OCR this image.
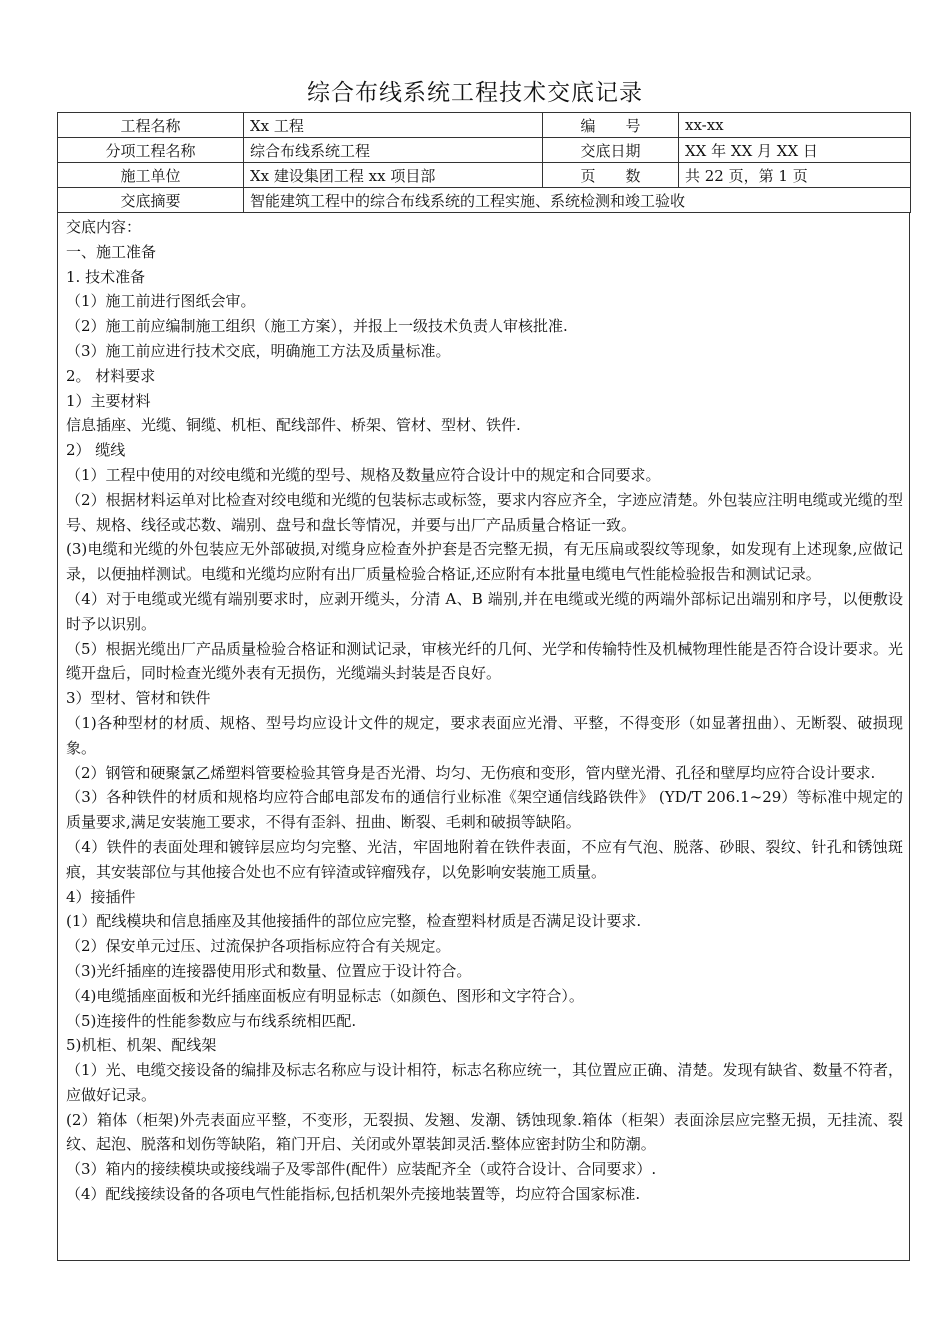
综合布线系统工程技术交底记录
工程名称	Xx 工程	编　　号	xx-xx
分项工程名称	综合布线系统工程	交底日期	XX 年 XX 月 XX 日
施工单位	Xx 建设集团工程 xx 项目部	页　　数	共 22 页，第 1 页
交底摘要	智能建筑工程中的综合布线系统的工程实施、系统检测和竣工验收		

交底内容：

一、施工准备

1. 技术准备

（1）施工前进行图纸会审。

（2）施工前应编制施工组织（施工方案），并报上一级技术负责人审核批准.

（3）施工前应进行技术交底，明确施工方法及质量标准。

2。 材料要求

1）主要材料

信息插座、光缆、铜缆、机柜、配线部件、桥架、管材、型材、铁件.

2） 缆线

（1）工程中使用的对绞电缆和光缆的型号、规格及数量应符合设计中的规定和合同要求。

（2）根据材料运单对比检查对绞电缆和光缆的包装标志或标签，要求内容应齐全，字迹应清楚。外包装应注明电缆或光缆的型号、规格、线径或芯数、端别、盘号和盘长等情况，并要与出厂产品质量合格证一致。

(3)电缆和光缆的外包装应无外部破损,对缆身应检查外护套是否完整无损，有无压扁或裂纹等现象，如发现有上述现象,应做记录，以便抽样测试。电缆和光缆均应附有出厂质量检验合格证,还应附有本批量电缆电气性能检验报告和测试记录。

（4）对于电缆或光缆有端别要求时，应剥开缆头，分清 A、B 端别,并在电缆或光缆的两端外部标记出端别和序号，以便敷设时予以识别。

（5）根据光缆出厂产品质量检验合格证和测试记录，审核光纤的几何、光学和传输特性及机械物理性能是否符合设计要求。光缆开盘后，同时检查光缆外表有无损伤，光缆端头封装是否良好。

3）型材、管材和铁件

（1)各种型材的材质、规格、型号均应设计文件的规定，要求表面应光滑、平整，不得变形（如显著扭曲）、无断裂、破损现象。

（2）钢管和硬聚氯乙烯塑料管要检验其管身是否光滑、均匀、无伤痕和变形，管内壁光滑、孔径和壁厚均应符合设计要求.

（3）各种铁件的材质和规格均应符合邮电部发布的通信行业标准《架空通信线路铁件》 (YD/T 206.1~29）等标准中规定的质量要求,满足安装施工要求，不得有歪斜、扭曲、断裂、毛刺和破损等缺陷。

（4）铁件的表面处理和镀锌层应均匀完整、光洁，牢固地附着在铁件表面，不应有气泡、脱落、砂眼、裂纹、针孔和锈蚀斑痕，其安装部位与其他接合处也不应有锌渣或锌瘤残存，以免影响安装施工质量。

4）接插件

(1）配线模块和信息插座及其他接插件的部位应完整，检查塑料材质是否满足设计要求.

（2）保安单元过压、过流保护各项指标应符合有关规定。

（3)光纤插座的连接器使用形式和数量、位置应于设计符合。

（4)电缆插座面板和光纤插座面板应有明显标志（如颜色、图形和文字符合）。

（5)连接件的性能参数应与布线系统相匹配.

5)机柜、机架、配线架

（1）光、电缆交接设备的编排及标志名称应与设计相符，标志名称应统一，其位置应正确、清楚。发现有缺省、数量不符者，应做好记录。

(2）箱体（柜架)外壳表面应平整，不变形，无裂损、发翘、发潮、锈蚀现象.箱体（柜架）表面涂层应完整无损，无挂流、裂纹、起泡、脱落和划伤等缺陷，箱门开启、关闭或外罩装卸灵活.整体应密封防尘和防潮。

（3）箱内的接续模块或接线端子及零部件(配件）应装配齐全（或符合设计、合同要求）.

（4）配线接续设备的各项电气性能指标,包括机架外壳接地装置等，均应符合国家标准.
